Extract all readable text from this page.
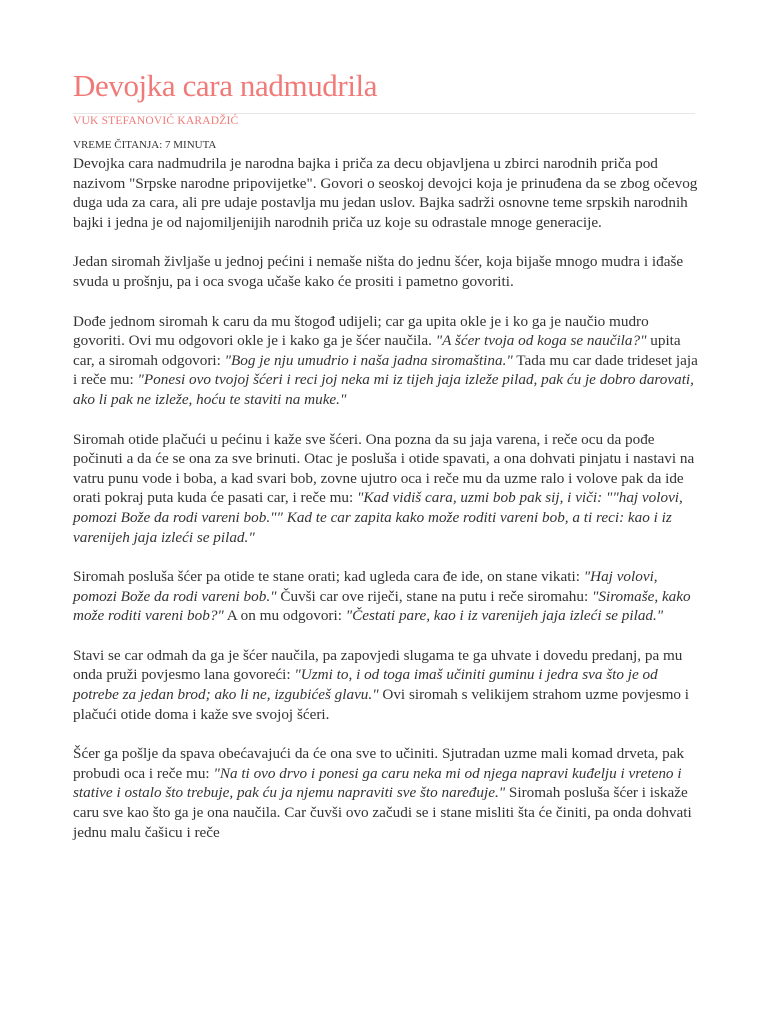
Devojka cara nadmudrila
VUK STEFANOVIĆ KARADŽIĆ
VREME ČITANJA: 7 MINUTA

Devojka cara nadmudrila je narodna bajka i priča za decu objavljena u zbirci narodnih priča pod nazivom "Srpske narodne pripovijetke". Govori o seoskoj devojci koja je prinuđena da se zbog očevog duga uda za cara, ali pre udaje postavlja mu jedan uslov. Bajka sadrži osnovne teme srpskih narodnih bajki i jedna je od najomiljenijih narodnih priča uz koje su odrastale mnoge generacije.

Jedan siromah življaše u jednoj pećini i nemaše ništa do jednu šćer, koja bijaše mnogo mudra i iđaše svuda u prošnju, pa i oca svoga učaše kako će prositi i pametno govoriti.

Dođe jednom siromah k caru da mu štogođ udijeli; car ga upita okle je i ko ga je naučio mudro govoriti. Ovi mu odgovori okle je i kako ga je šćer naučila. "A šćer tvoja od koga se naučila?" upita car, a siromah odgovori: "Bog je nju umudrio i naša jadna siromaština." Tada mu car dade trideset jaja i reče mu: "Ponesi ovo tvojoj šćeri i reci joj neka mi iz tijeh jaja izleže pilad, pak ću je dobro darovati, ako li pak ne izleže, hoću te staviti na muke."

Siromah otide plačući u pećinu i kaže sve šćeri. Ona pozna da su jaja varena, i reče ocu da pođe počinuti a da će se ona za sve brinuti. Otac je posluša i otide spavati, a ona dohvati pinjatu i nastavi na vatru punu vode i boba, a kad svari bob, zovne ujutro oca i reče mu da uzme ralo i volove pak da ide orati pokraj puta kuda će pasati car, i reče mu: "Kad vidiš cara, uzmi bob pak sij, i viči: ""haj volovi, pomozi Bože da rodi vareni bob."" Kad te car zapita kako može roditi vareni bob, a ti reci: kao i iz varenijeh jaja izleći se pilad."

Siromah posluša šćer pa otide te stane orati; kad ugleda cara đe ide, on stane vikati: "Haj volovi, pomozi Bože da rodi vareni bob." Čuvši car ove riječi, stane na putu i reče siromahu: "Siromaše, kako može roditi vareni bob?" A on mu odgovori: "Čestati pare, kao i iz varenijeh jaja izleći se pilad."

Stavi se car odmah da ga je šćer naučila, pa zapovjedi slugama te ga uhvate i dovedu predanj, pa mu onda pruži povjesmo lana govoreći: "Uzmi to, i od toga imaš učiniti guminu i jedra sva što je od potrebe za jedan brod; ako li ne, izgubićeš glavu." Ovi siromah s velikijem strahom uzme povjesmo i plačući otide doma i kaže sve svojoj šćeri.

Šćer ga pošlje da spava obećavajući da će ona sve to učiniti. Sjutradan uzme mali komad drveta, pak probudi oca i reče mu: "Na ti ovo drvo i ponesi ga caru neka mi od njega napravi kuđelju i vreteno i stative i ostalo što trebuje, pak ću ja njemu napraviti sve što naređuje." Siromah posluša šćer i iskaže caru sve kao što ga je ona naučila. Car čuvši ovo začudi se i stane misliti šta će činiti, pa onda dohvati jednu malu čašicu i reče
